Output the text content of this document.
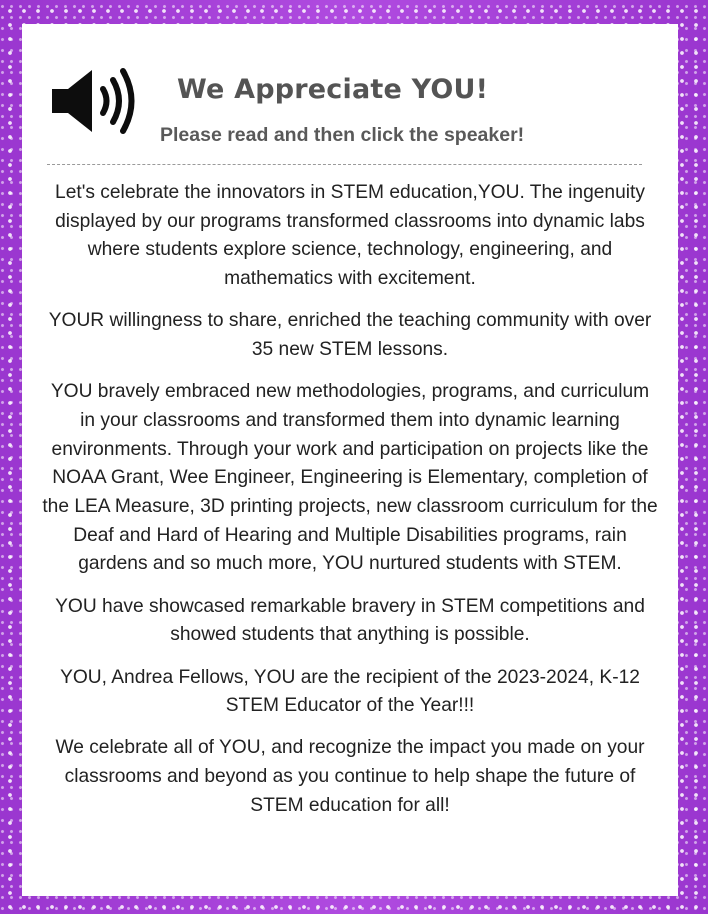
We Appreciate YOU!
Please read and then click the speaker!

Let's celebrate the innovators in STEM education,YOU. The ingenuity displayed by our programs transformed classrooms into dynamic labs where students explore science, technology, engineering, and mathematics with excitement.

YOUR willingness to share, enriched the teaching community with over 35 new STEM lessons.

YOU bravely embraced new methodologies, programs, and curriculum in your classrooms and transformed them into dynamic learning environments. Through your work and participation on projects like the NOAA Grant, Wee Engineer, Engineering is Elementary, completion of the LEA Measure, 3D printing projects, new classroom curriculum for the Deaf and Hard of Hearing and Multiple Disabilities programs, rain gardens and so much more, YOU nurtured students with STEM.

YOU have showcased remarkable bravery in STEM competitions and showed students that anything is possible.

YOU, Andrea Fellows, YOU are the recipient of the 2023-2024, K-12 STEM Educator of the Year!!!

We celebrate all of YOU, and recognize the impact you made on your classrooms and beyond as you continue to help shape the future of STEM education for all!
